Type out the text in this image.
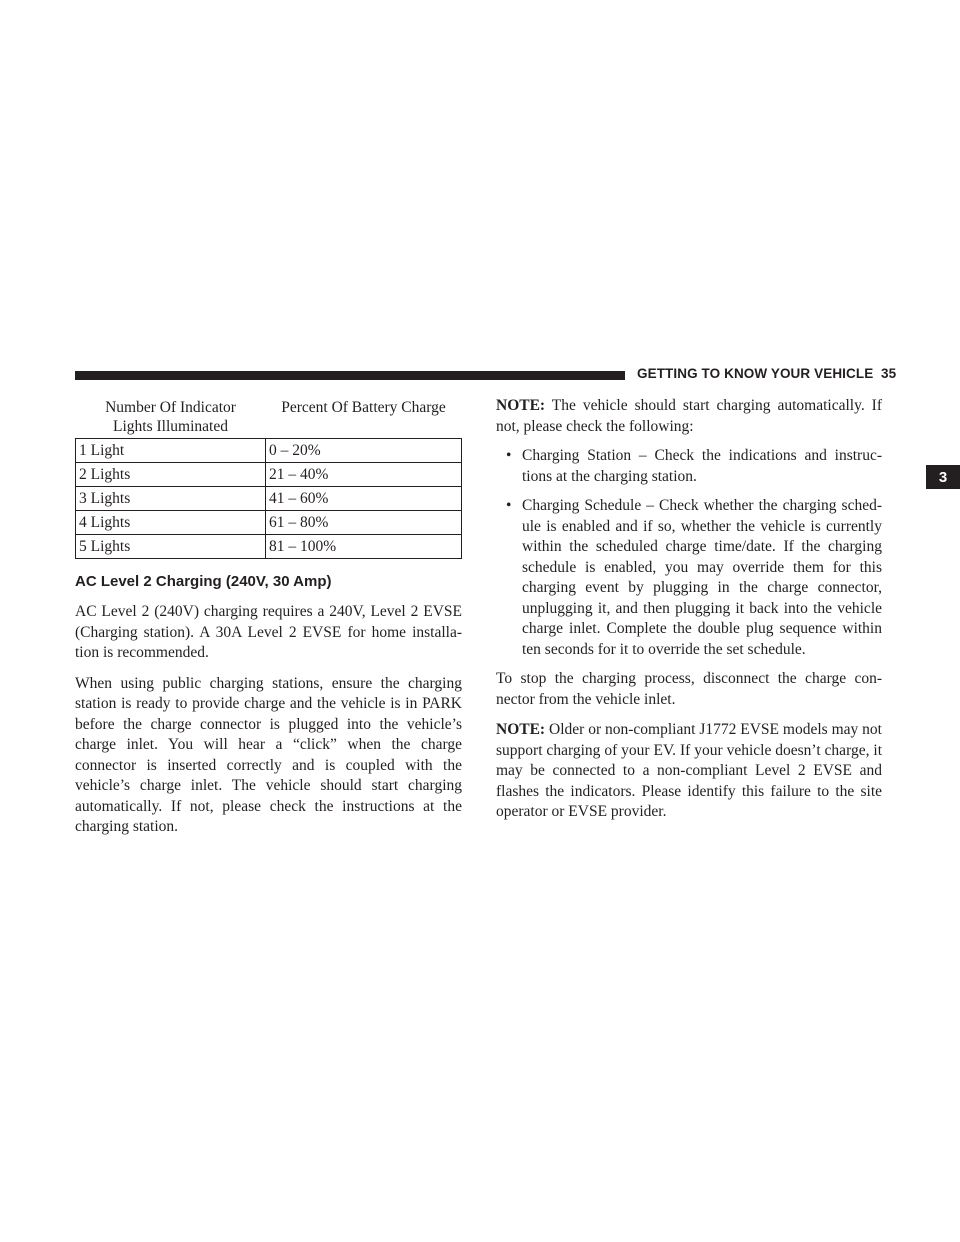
GETTING TO KNOW YOUR VEHICLE 35
3
Number Of Indicator
Lights Illuminated	Percent Of Battery Charge
1 Light	0 – 20%
2 Lights	21 – 40%
3 Lights	41 – 60%
4 Lights	61 – 80%
5 Lights	81 – 100%
AC Level 2 Charging (240V, 30 Amp)

AC Level 2 (240V) charging requires a 240V, Level 2 EVSE (Charging station). A 30A Level 2 EVSE for home installa-tion is recommended.

When using public charging stations, ensure the charging station is ready to provide charge and the vehicle is in PARK before the charge connector is plugged into the vehicle’s charge inlet. You will hear a “click” when the charge connector is inserted correctly and is coupled with the vehicle’s charge inlet. The vehicle should start charging automatically. If not, please check the instructions at the charging station.

NOTE: The vehicle should start charging automatically. If not, please check the following:

• Charging Station – Check the indications and instruc-tions at the charging station.
• Charging Schedule – Check whether the charging sched-ule is enabled and if so, whether the vehicle is currently within the scheduled charge time/date. If the charging schedule is enabled, you may override them for this charging event by plugging in the charge connector, unplugging it, and then plugging it back into the vehicle charge inlet. Complete the double plug sequence within ten seconds for it to override the set schedule.

To stop the charging process, disconnect the charge con-nector from the vehicle inlet.

NOTE: Older or non-compliant J1772 EVSE models may not support charging of your EV. If your vehicle doesn’t charge, it may be connected to a non-compliant Level 2 EVSE and flashes the indicators. Please identify this failure to the site operator or EVSE provider.
